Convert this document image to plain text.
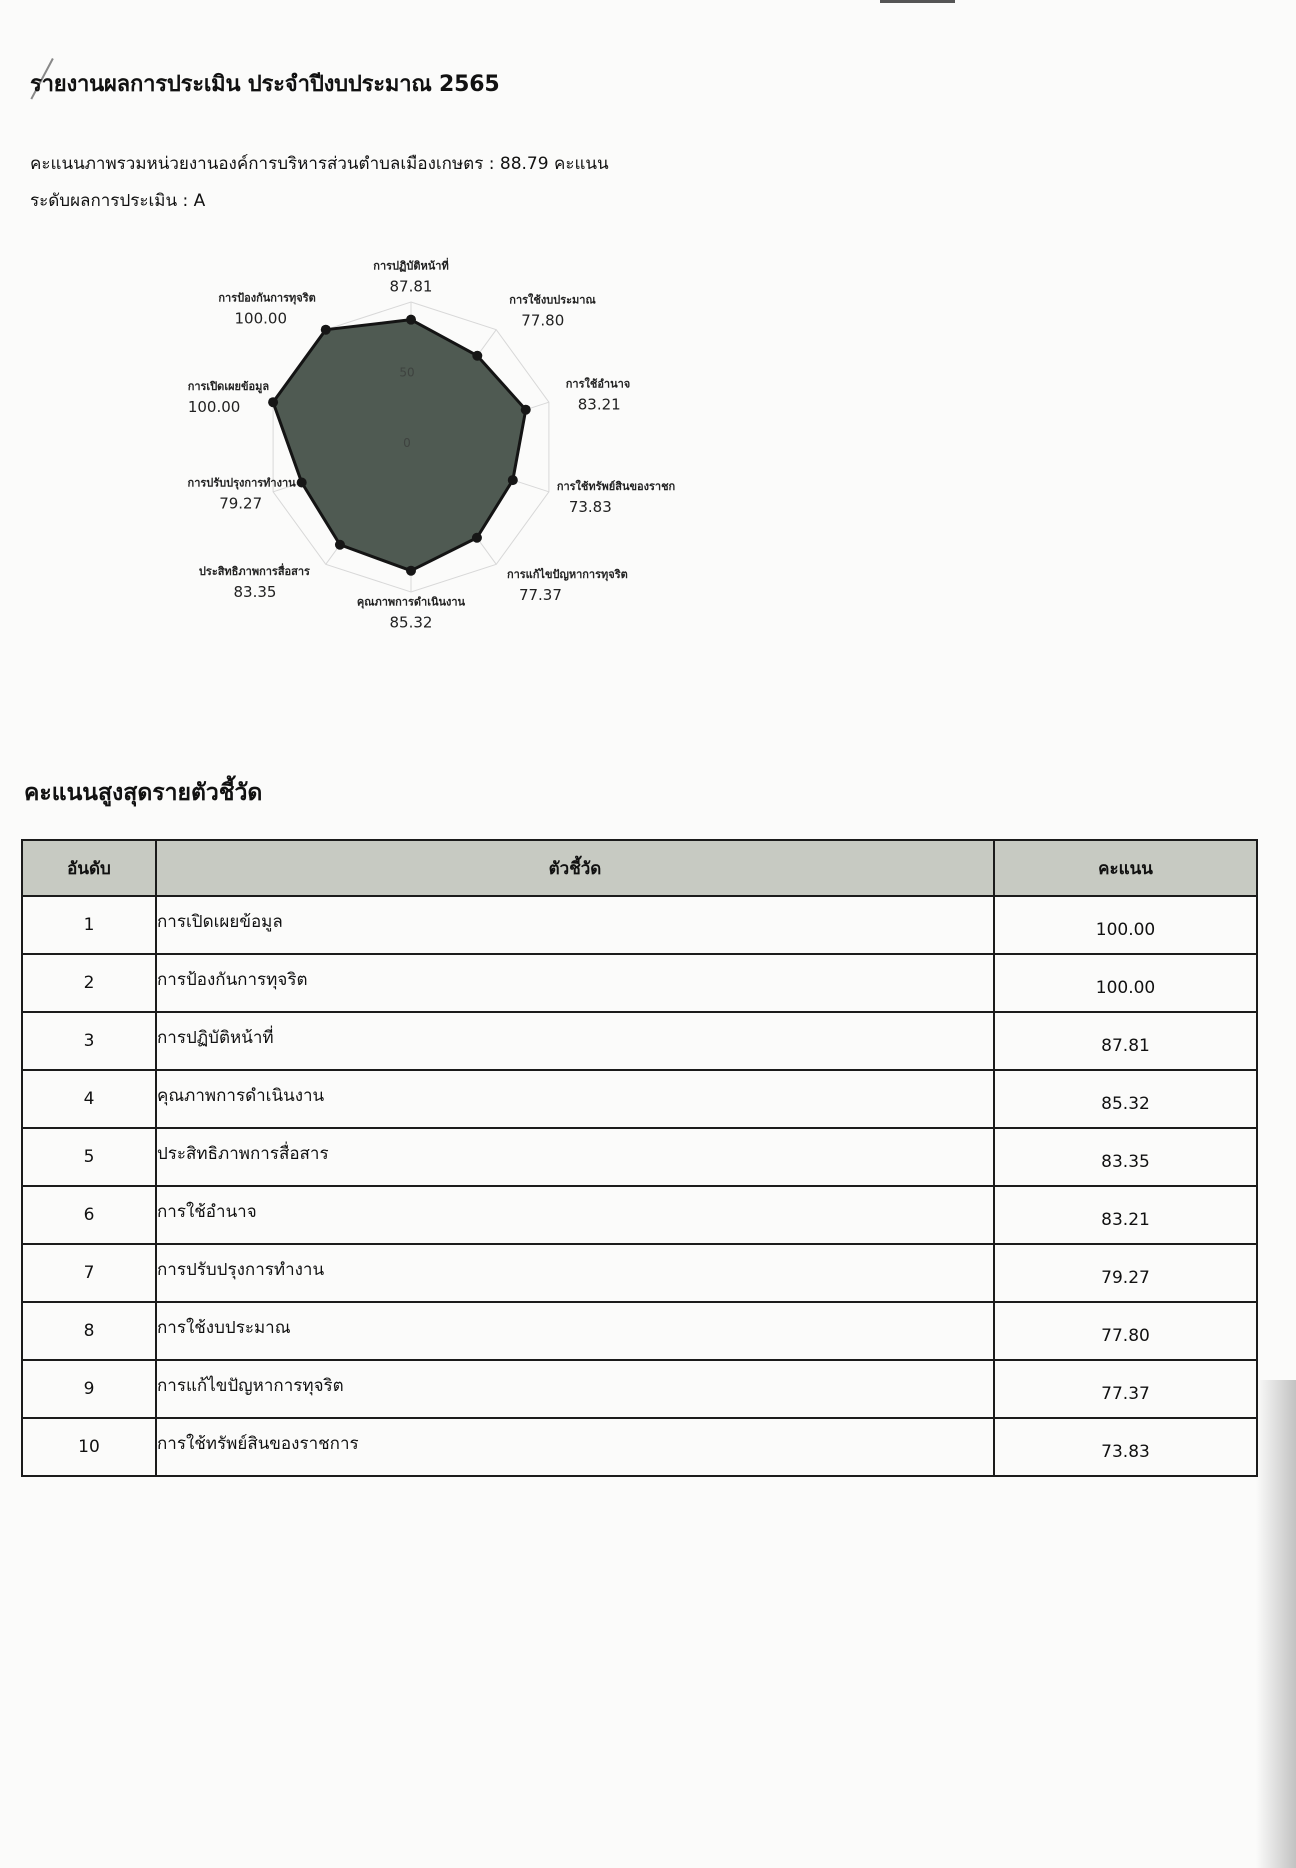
รายงานผลการประเมิน ประจำปีงบประมาณ 2565

คะแนนภาพรวมหน่วยงานองค์การบริหารส่วนตำบลเมืองเกษตร : 88.79 คะแนน

ระดับผลการประเมิน : A

การปฏิบัติหน้าที่
87.81
การใช้งบประมาณ
77.80
การใช้อำนาจ
83.21
การใช้ทรัพย์สินของราชก
73.83
การแก้ไขปัญหาการทุจริต
77.37
คุณภาพการดำเนินงาน
85.32
ประสิทธิภาพการสื่อสาร
83.35
การปรับปรุงการทำงาน
79.27
การเปิดเผยข้อมูล
100.00
การป้องกันการทุจริต
100.00
0
50
คะแนนสูงสุดรายตัวชี้วัด
อันดับ	ตัวชี้วัด	คะแนน
1	การเปิดเผยข้อมูล	100.00
2	การป้องกันการทุจริต	100.00
3	การปฏิบัติหน้าที่	87.81
4	คุณภาพการดำเนินงาน	85.32
5	ประสิทธิภาพการสื่อสาร	83.35
6	การใช้อำนาจ	83.21
7	การปรับปรุงการทำงาน	79.27
8	การใช้งบประมาณ	77.80
9	การแก้ไขปัญหาการทุจริต	77.37
10	การใช้ทรัพย์สินของราชการ	73.83
